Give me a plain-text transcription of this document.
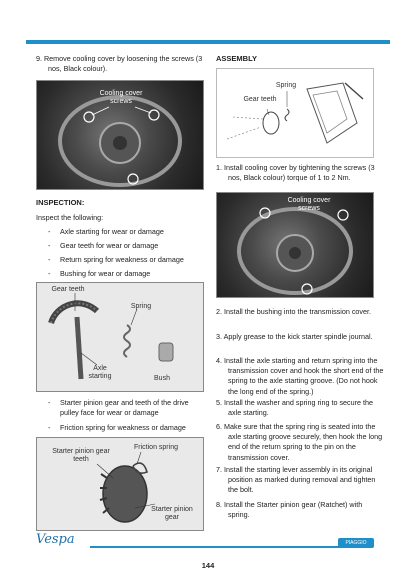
9. Remove cooling cover by loosening the screws (3 nos, Black colour).

Cooling cover screws

INSPECTION:

Inspect the following:

- Axle starting for wear or damage

- Gear teeth for wear or damage

- Return spring for weakness or damage

- Bushing for wear or damage

Gear teeth
Spring
Axle starting	Bush
- Starter pinion gear and teeth of the drive pulley face for wear or damage

- Friction spring for weakness or damage

Starter pinion gear teeth
Friction spring
Starter pinion gear

ASSEMBLY

Spring
Gear teeth

1. Install cooling cover by tightening the screws (3 nos, Black colour) torque of 1 to 2 Nm.

Cooling cover screws

2. Install the bushing into the transmission cover.

3. Apply grease to the kick starter spindle journal.

4. Install the axle starting and return spring into the transmission cover and hook the short end of the spring to the axle starting groove. (Do not hook the long end of the spring.)

5. Install the washer and spring ring to secure the axle starting.

6. Make sure that the spring ring is seated into the axle starting groove securely, then hook the long end of the return spring to the pin on the transmission cover.

7. Install the starting lever assembly in its original position as marked during removal and tighten the bolt.

8. Install the Starter pinion gear (Ratchet) with spring.

Vespa	PIAGGIO
144
